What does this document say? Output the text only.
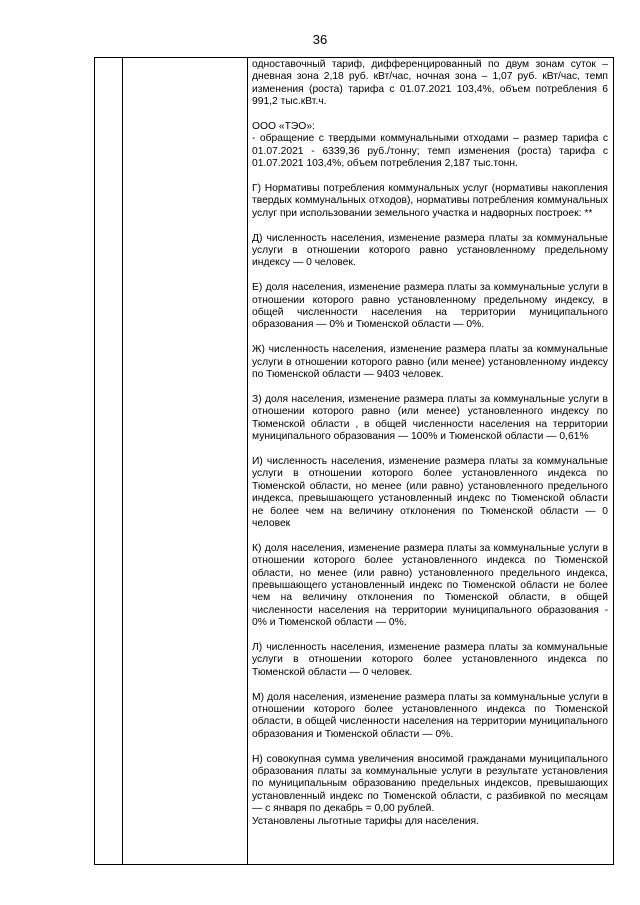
36

одноставочный тариф, дифференцированный по двум зонам суток – дневная зона 2,18 руб. кВт/час, ночная зона – 1,07 руб. кВт/час, темп изменения (роста) тарифа с 01.07.2021 103,4%, объем потребления 6 991,2 тыс.кВт.ч.

ООО «ТЭО»:
- обращение с твердыми коммунальными отходами – размер тарифа с 01.07.2021 - 6339,36 руб./тонну; темп изменения (роста) тарифа с 01.07.2021 103,4%, объем потребления 2,187 тыс.тонн.

Г) Нормативы потребления коммунальных услуг (нормативы накопления твердых коммунальных отходов), нормативы потребления коммунальных услуг при использовании земельного участка и надворных построек: **

Д) численность населения, изменение размера платы за коммунальные услуги в отношении которого равно установленному предельному индексу — 0 человек.

Е) доля населения, изменение размера платы за коммунальные услуги в отношении которого равно установленному предельному индексу, в общей численности населения на территории муниципального образования — 0% и Тюменской области — 0%.

Ж) численность населения, изменение размера платы за коммунальные услуги в отношении которого равно (или менее) установленному индексу по Тюменской области — 9403 человек.

З) доля населения, изменение размера платы за коммунальные услуги в отношении которого равно (или менее) установленного индексу по Тюменской области , в общей численности населения на территории муниципального образования — 100% и Тюменской области — 0,61%

И) численность населения, изменение размера платы за коммунальные услуги в отношении которого более установленного индекса по Тюменской области, но менее (или равно) установленного предельного индекса, превышающего установленный индекс по Тюменской области не более чем на величину отклонения по Тюменской области — 0 человек

К) доля населения, изменение размера платы за коммунальные услуги в отношении которого более установленного индекса по Тюменской области, но менее (или равно) установленного предельного индекса, превышающего установленный индекс по Тюменской области не более чем на величину отклонения по Тюменской области, в общей численности населения на территории муниципального образования - 0% и Тюменской области — 0%.

Л) численность населения, изменение размера платы за коммунальные услуги в отношении которого более установленного индекса по Тюменской области — 0 человек.

М) доля населения, изменение размера платы за коммунальные услуги в отношении которого более установленного индекса по Тюменской области, в общей численности населения на территории муниципального образования и Тюменской области — 0%.

Н) совокупная сумма увеличения вносимой гражданами муниципального образования платы за коммунальные услуги в результате установления по муниципальным образованию предельных индексов, превышающих установленный индекс по Тюменской области, с разбивкой по месяцам — с января по декабрь = 0,00 рублей.
Установлены льготные тарифы для населения.
